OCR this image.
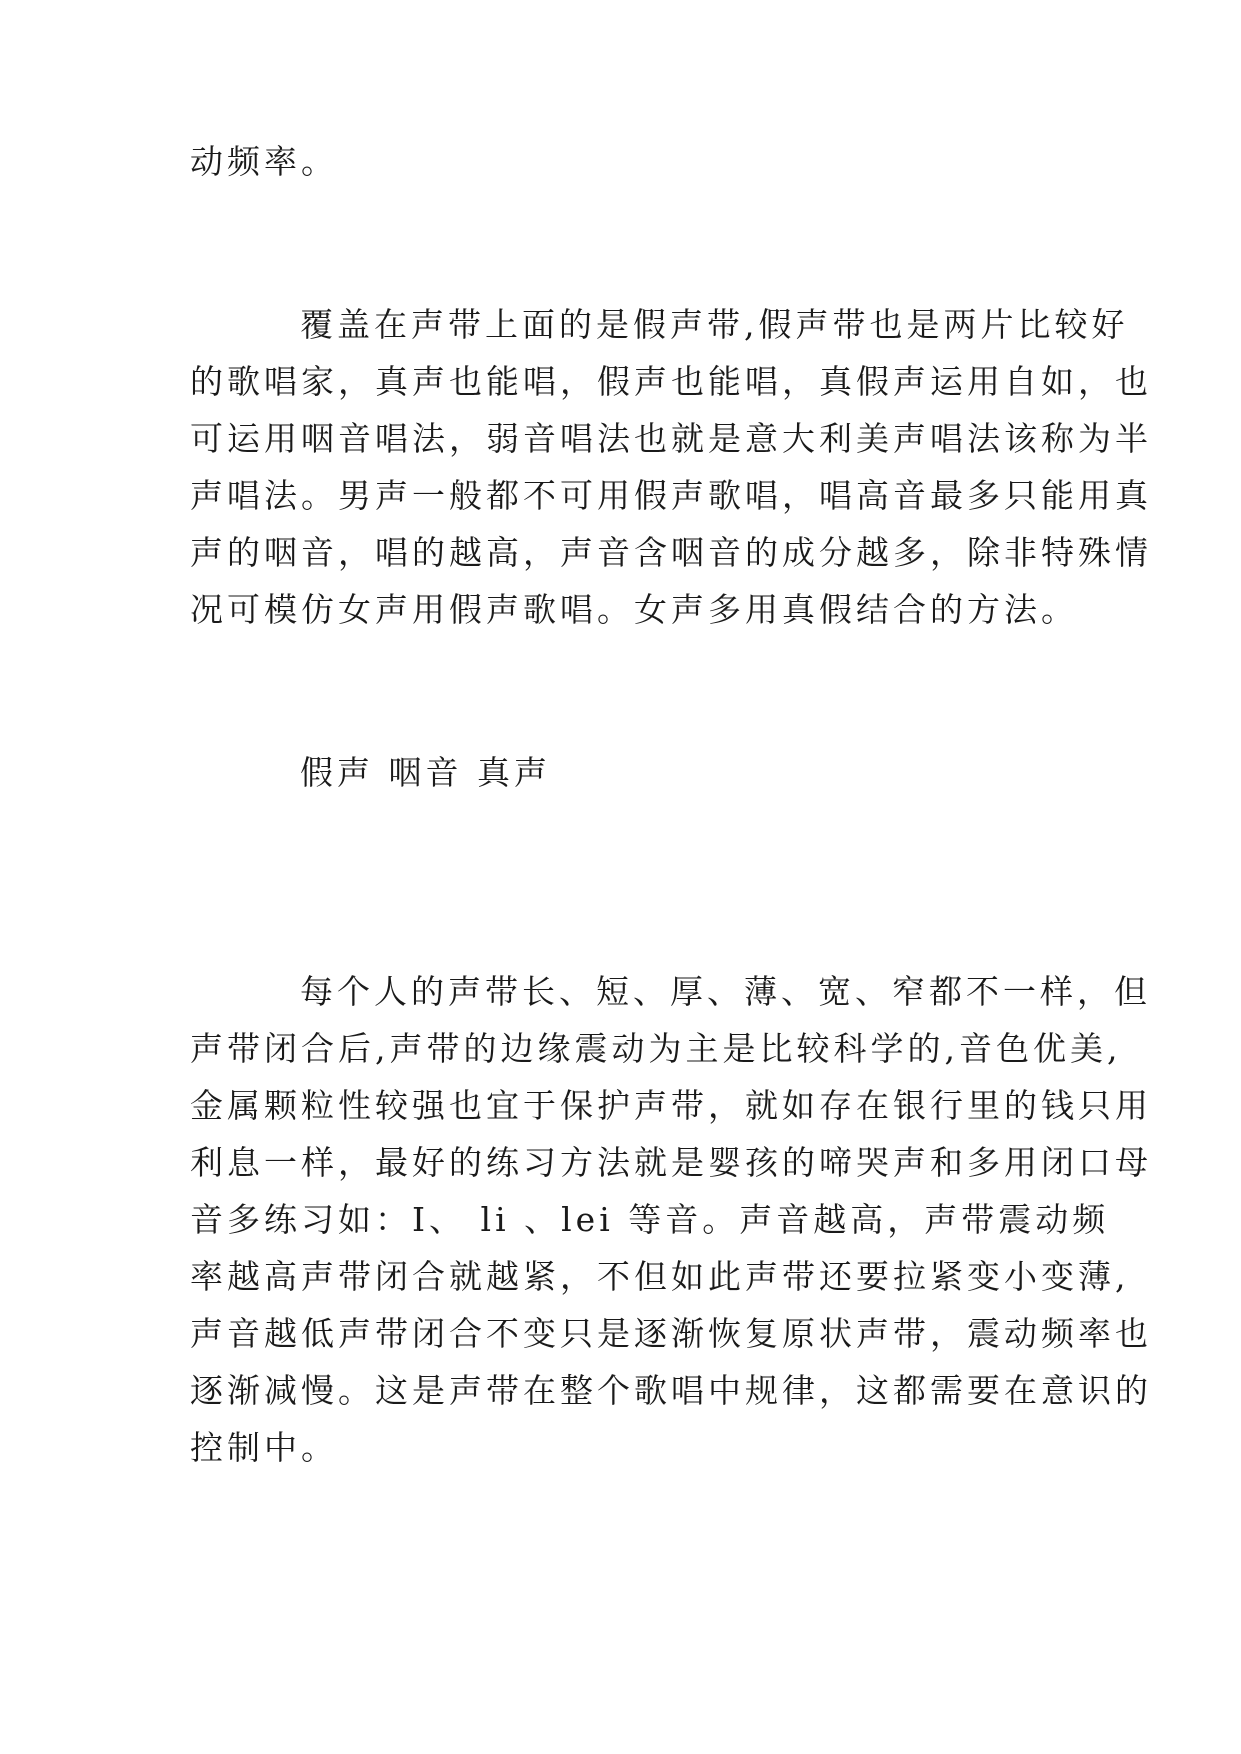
动频率。
覆盖在声带上面的是假声带,假声带也是两片比较好
的歌唱家，真声也能唱，假声也能唱，真假声运用自如，也
可运用咽音唱法，弱音唱法也就是意大利美声唱法该称为半
声唱法。男声一般都不可用假声歌唱，唱高音最多只能用真
声的咽音，唱的越高，声音含咽音的成分越多，除非特殊情
况可模仿女声用假声歌唱。女声多用真假结合的方法。
假声 咽音 真声
每个人的声带长、短、厚、薄、宽、窄都不一样，但
声带闭合后,声带的边缘震动为主是比较科学的,音色优美,
金属颗粒性较强也宜于保护声带，就如存在银行里的钱只用
利息一样，最好的练习方法就是婴孩的啼哭声和多用闭口母
音多练习如：I、 li 、lei 等音。声音越高，声带震动频
率越高声带闭合就越紧，不但如此声带还要拉紧变小变薄,
声音越低声带闭合不变只是逐渐恢复原状声带，震动频率也
逐渐减慢。这是声带在整个歌唱中规律，这都需要在意识的
控制中。
